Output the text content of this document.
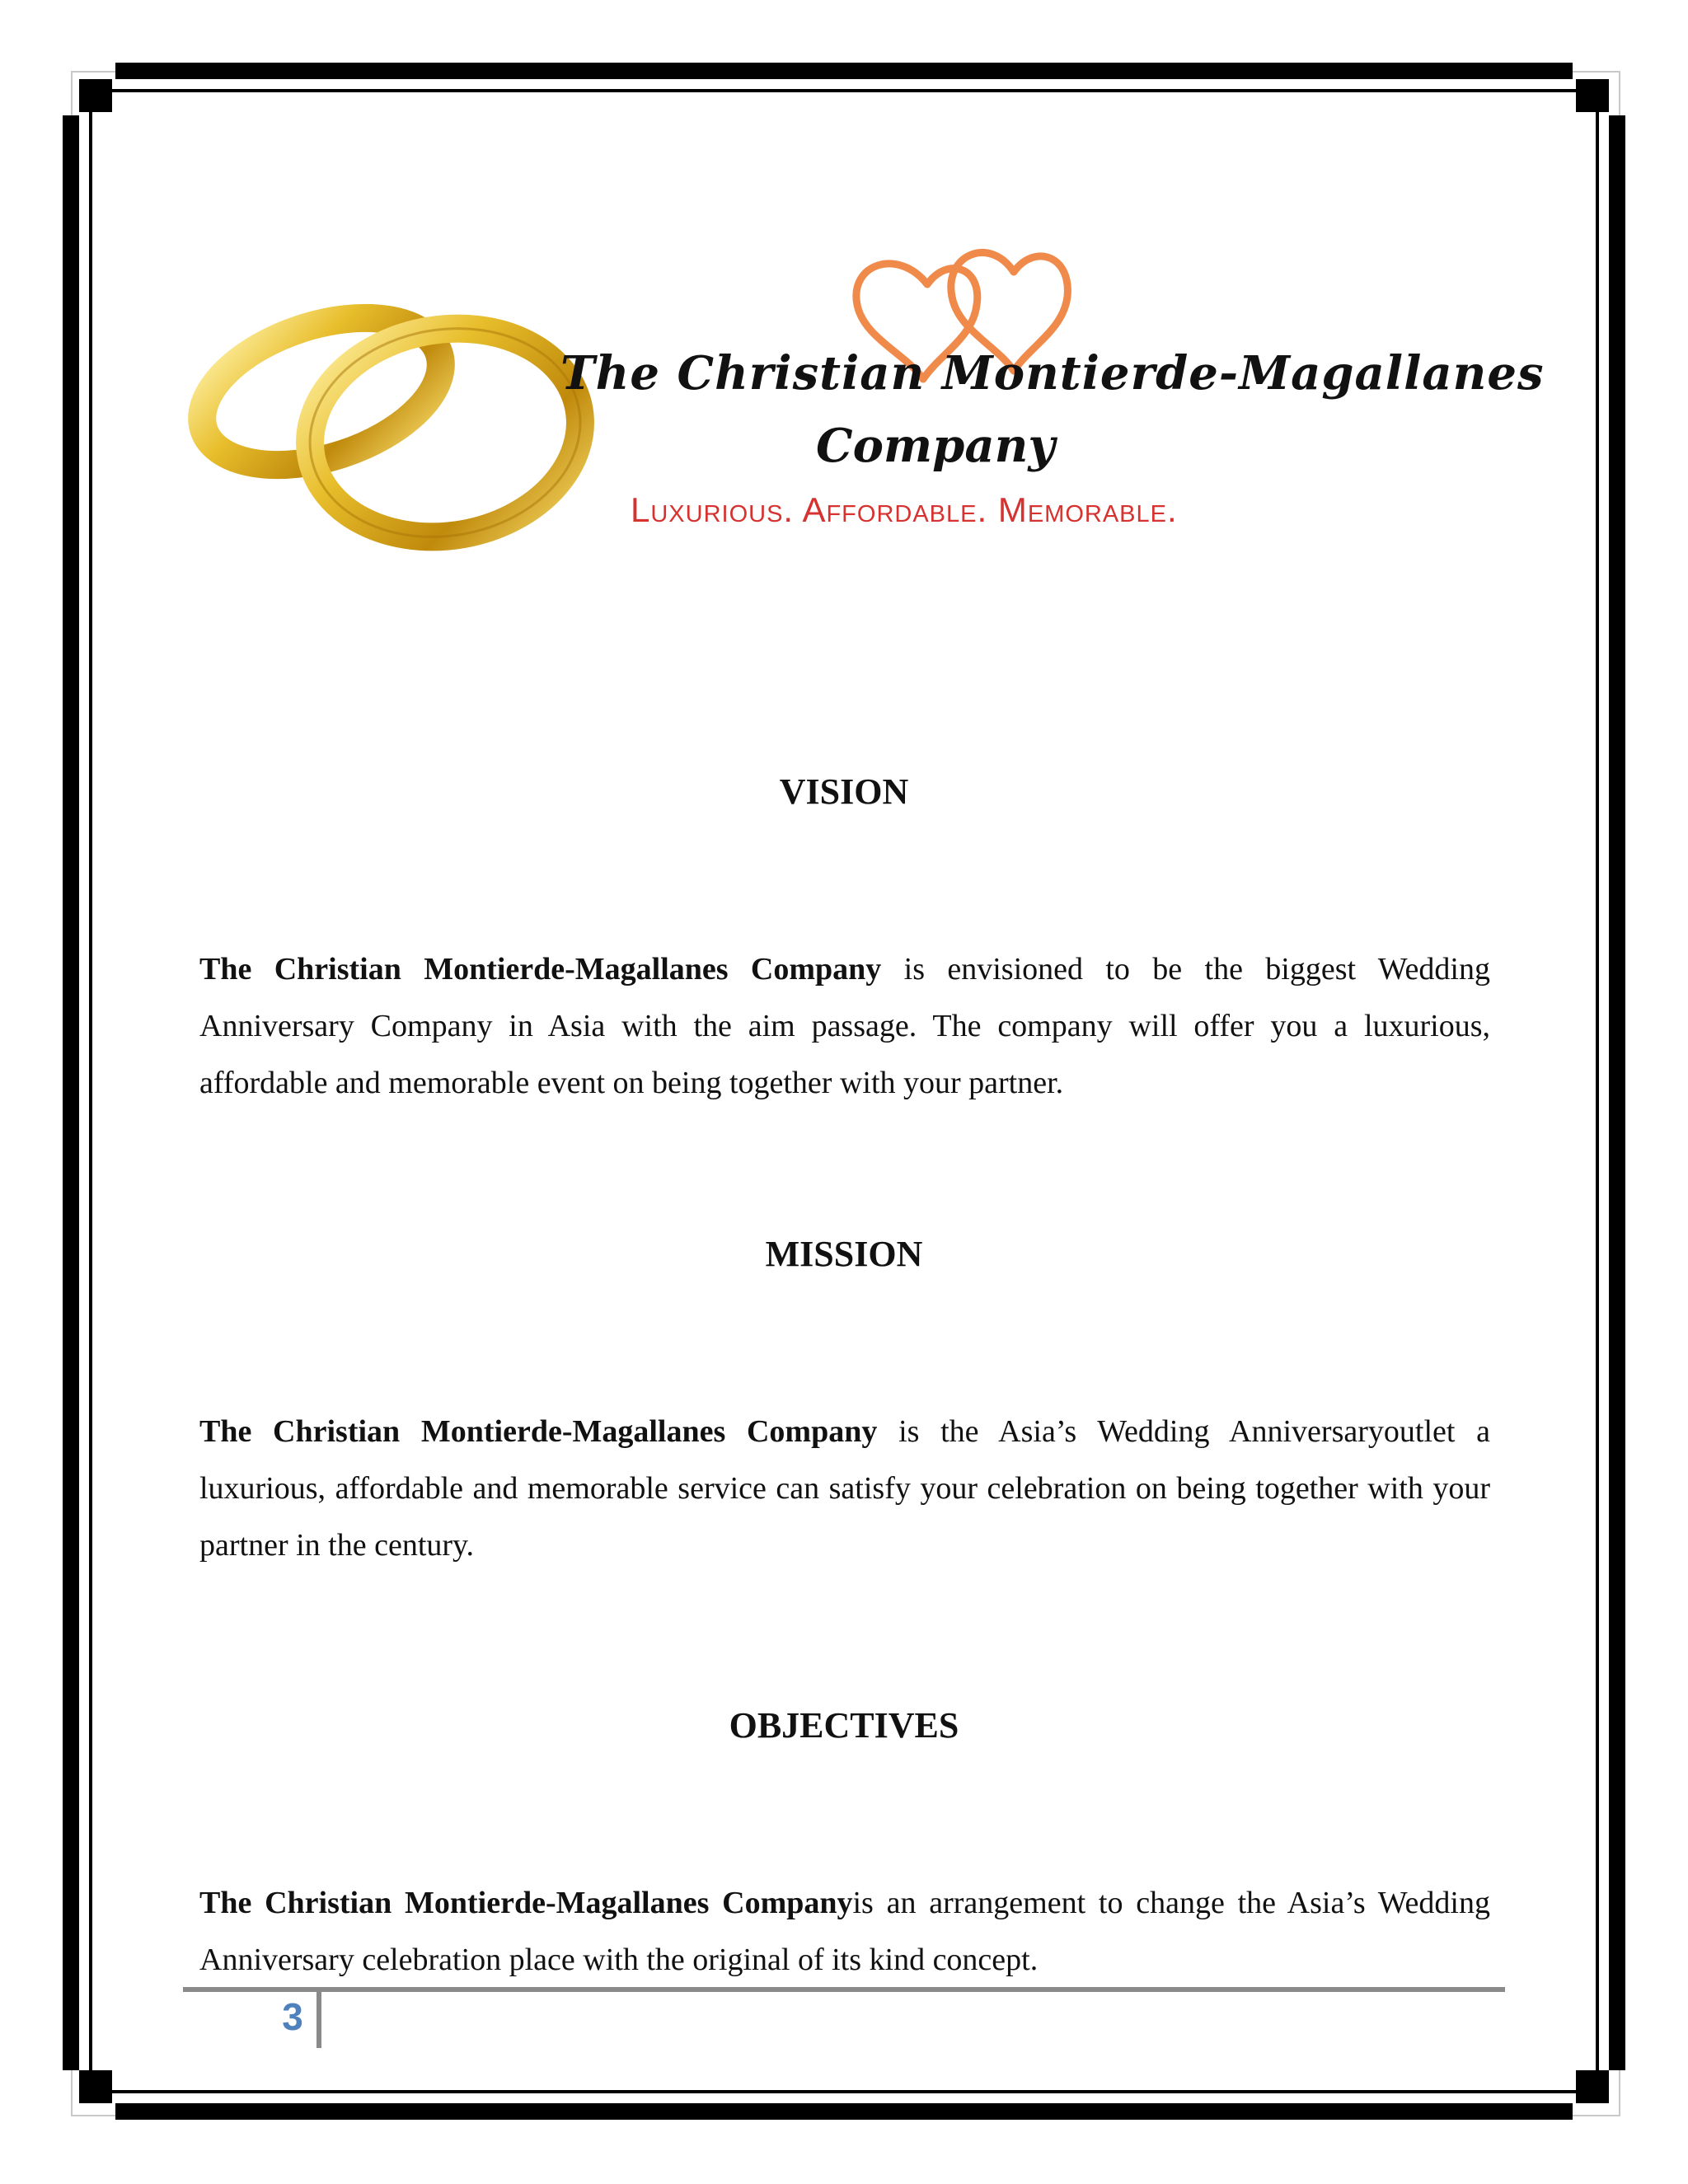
The Christian Montierde-Magallanes
Company
Luxurious. Affordable. Memorable.
VISION

The Christian Montierde-Magallanes Company is envisioned to be the biggest Wedding Anniversary Company in Asia with the aim passage. The company will offer you a luxurious, affordable and memorable event on being together with your partner.

MISSION

The Christian Montierde-Magallanes Company is the Asia’s Wedding Anniversaryoutlet a luxurious, affordable and memorable service can satisfy your celebration on being together with your partner in the century.

OBJECTIVES

The Christian Montierde-Magallanes Companyis an arrangement to change the Asia’s Wedding Anniversary celebration place with the original of its kind concept.

3
